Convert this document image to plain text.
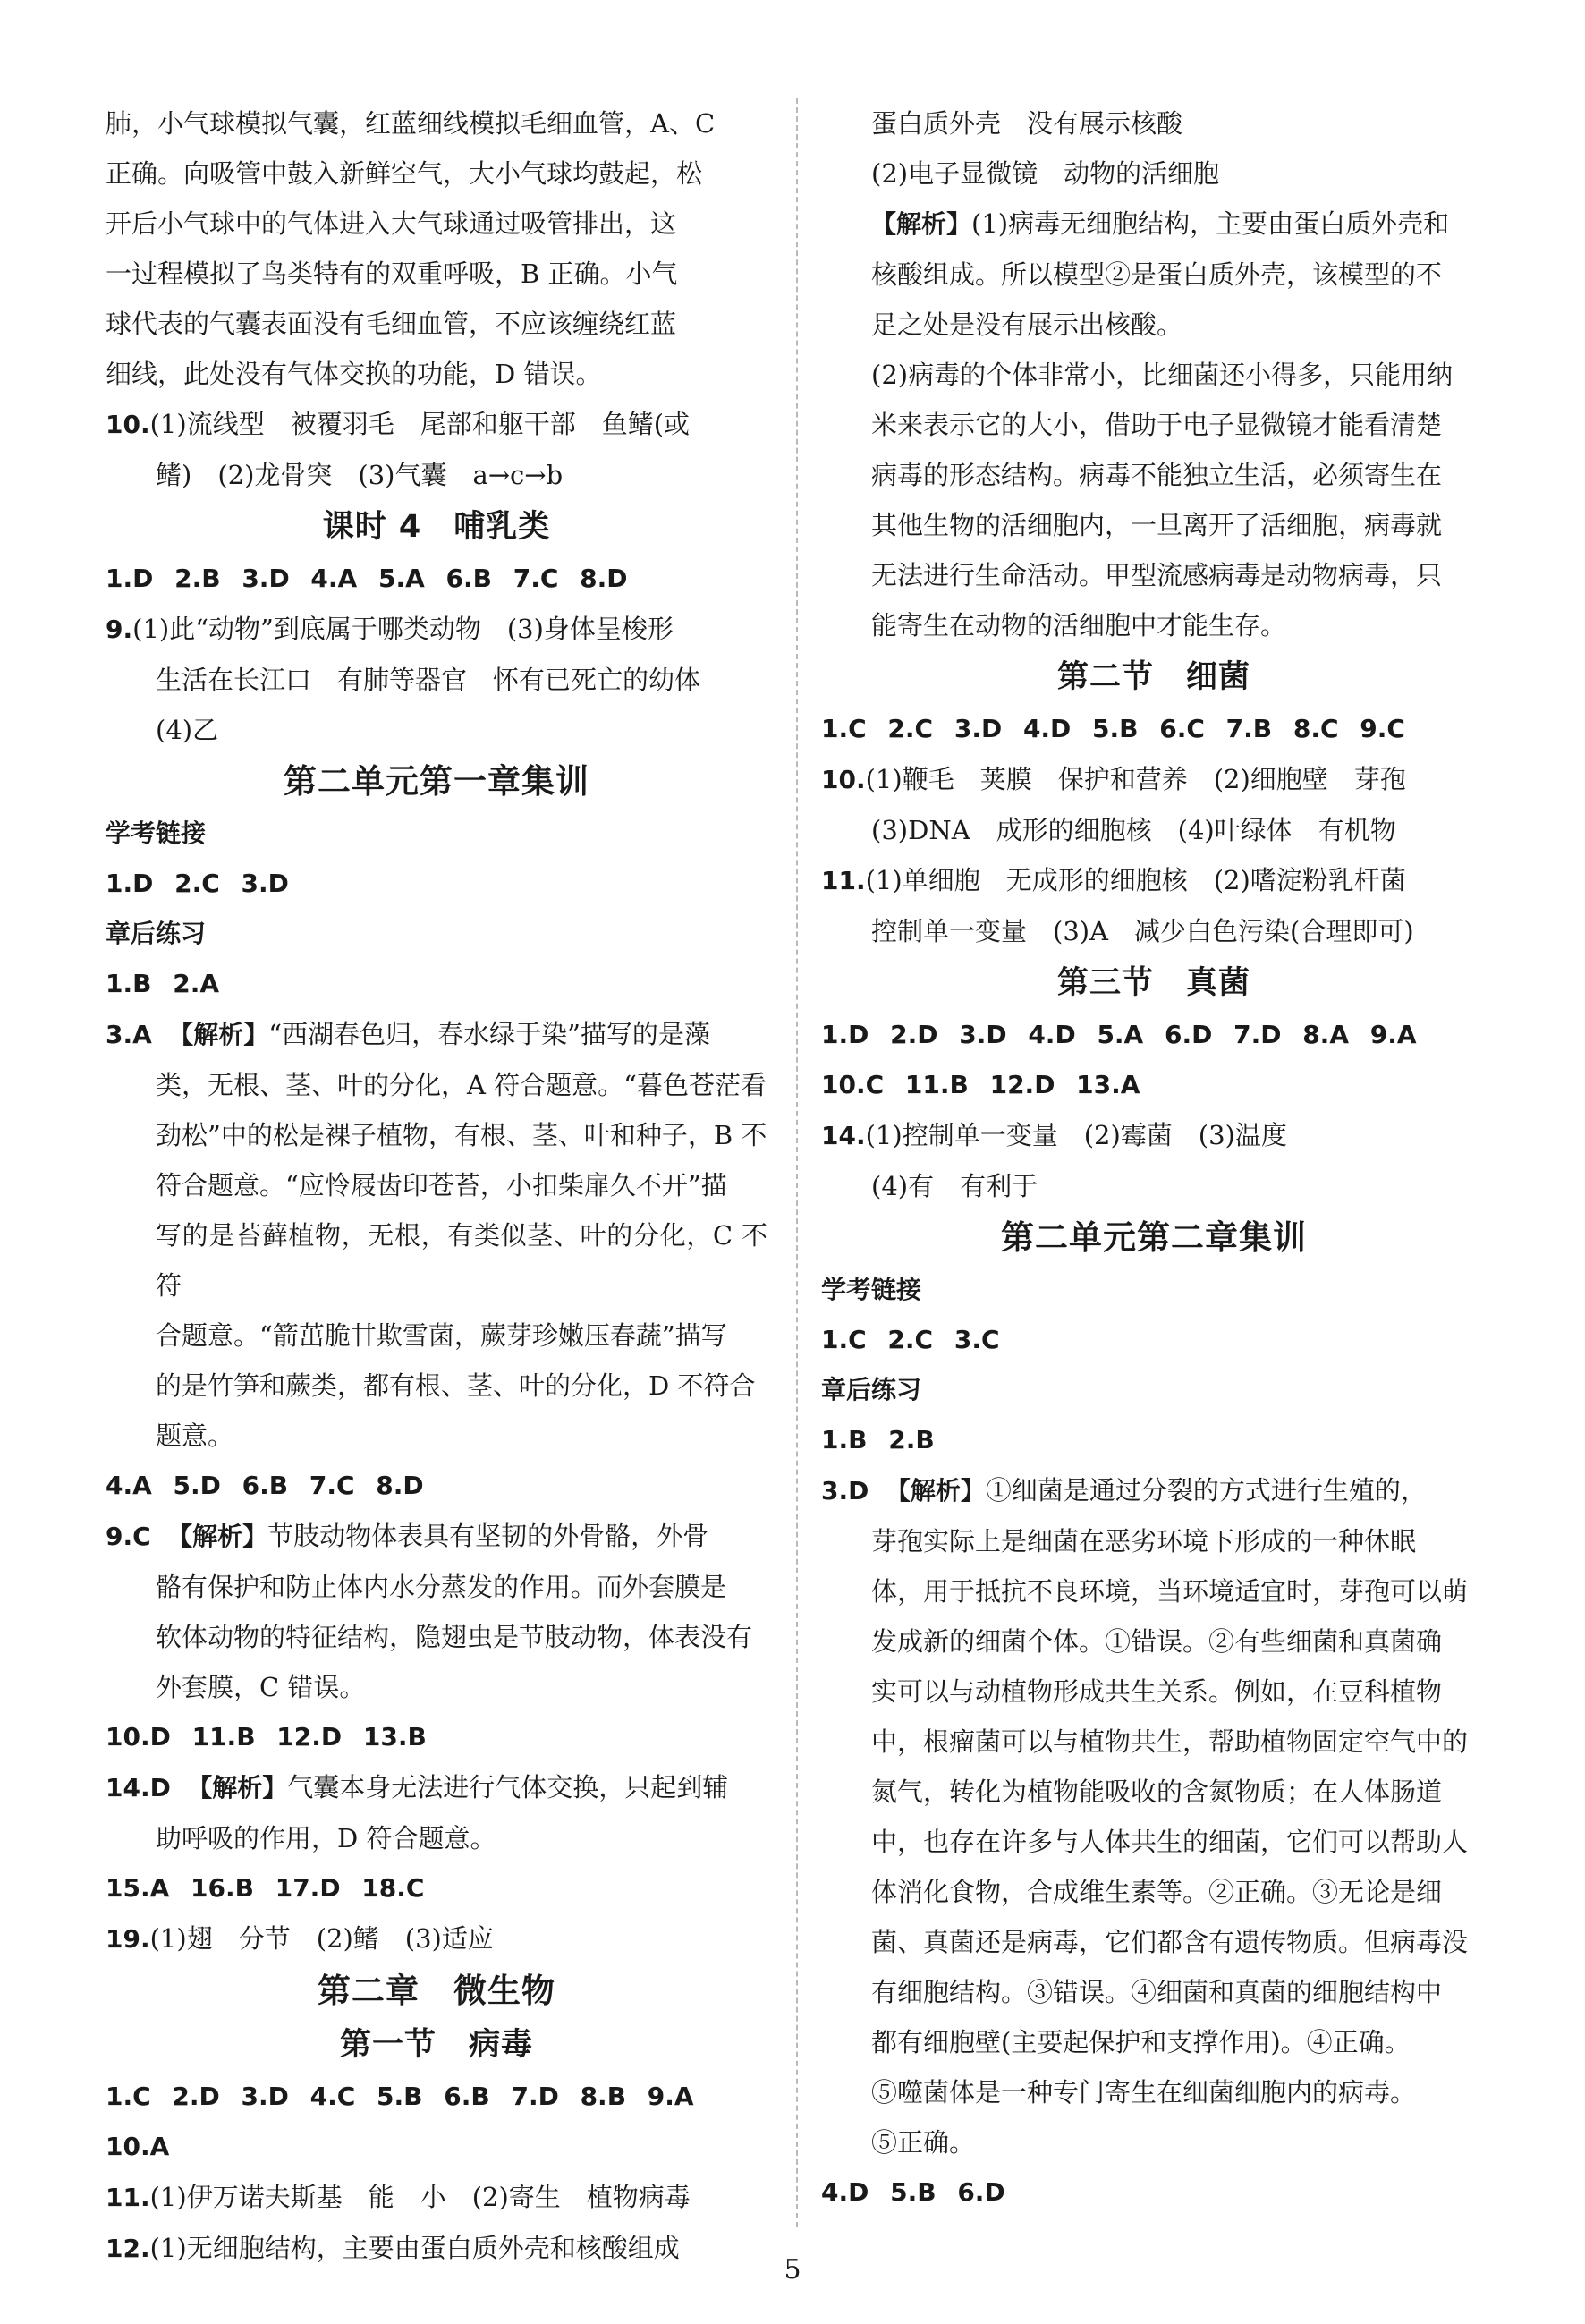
肺，小气球模拟气囊，红蓝细线模拟毛细血管，A、C

正确。向吸管中鼓入新鲜空气，大小气球均鼓起，松

开后小气球中的气体进入大气球通过吸管排出，这

一过程模拟了鸟类特有的双重呼吸，B 正确。小气

球代表的气囊表面没有毛细血管，不应该缠绕红蓝

细线，此处没有气体交换的功能，D 错误。

10.(1)流线型　被覆羽毛　尾部和躯干部　鱼鳍(或

鳍)　(2)龙骨突　(3)气囊　a→c→b

课时 4　哺乳类

1.D 2.B 3.D 4.A 5.A 6.B 7.C 8.D

9.(1)此“动物”到底属于哪类动物　(3)身体呈梭形

生活在长江口　有肺等器官　怀有已死亡的幼体

(4)乙

第二单元第一章集训

学考链接

1.D 2.C 3.D

章后练习

1.B 2.A

3.A 【解析】“西湖春色归，春水绿于染”描写的是藻

类，无根、茎、叶的分化，A 符合题意。“暮色苍茫看

劲松”中的松是裸子植物，有根、茎、叶和种子，B 不

符合题意。“应怜屐齿印苍苔，小扣柴扉久不开”描

写的是苔藓植物，无根，有类似茎、叶的分化，C 不符

合题意。“箭茁脆甘欺雪菌，蕨芽珍嫩压春蔬”描写

的是竹笋和蕨类，都有根、茎、叶的分化，D 不符合

题意。

4.A 5.D 6.B 7.C 8.D

9.C 【解析】节肢动物体表具有坚韧的外骨骼，外骨

骼有保护和防止体内水分蒸发的作用。而外套膜是

软体动物的特征结构，隐翅虫是节肢动物，体表没有

外套膜，C 错误。

10.D 11.B 12.D 13.B

14.D 【解析】气囊本身无法进行气体交换，只起到辅

助呼吸的作用，D 符合题意。

15.A 16.B 17.D 18.C

19.(1)翅　分节　(2)鳍　(3)适应

第二章　微生物

第一节　病毒

1.C 2.D 3.D 4.C 5.B 6.B 7.D 8.B 9.A

10.A

11.(1)伊万诺夫斯基　能　小　(2)寄生　植物病毒

12.(1)无细胞结构，主要由蛋白质外壳和核酸组成

蛋白质外壳　没有展示核酸

(2)电子显微镜　动物的活细胞

【解析】(1)病毒无细胞结构，主要由蛋白质外壳和

核酸组成。所以模型②是蛋白质外壳，该模型的不

足之处是没有展示出核酸。

(2)病毒的个体非常小，比细菌还小得多，只能用纳

米来表示它的大小，借助于电子显微镜才能看清楚

病毒的形态结构。病毒不能独立生活，必须寄生在

其他生物的活细胞内，一旦离开了活细胞，病毒就

无法进行生命活动。甲型流感病毒是动物病毒，只

能寄生在动物的活细胞中才能生存。

第二节　细菌

1.C 2.C 3.D 4.D 5.B 6.C 7.B 8.C 9.C

10.(1)鞭毛　荚膜　保护和营养　(2)细胞壁　芽孢

(3)DNA　成形的细胞核　(4)叶绿体　有机物

11.(1)单细胞　无成形的细胞核　(2)嗜淀粉乳杆菌

控制单一变量　(3)A　减少白色污染(合理即可)

第三节　真菌

1.D 2.D 3.D 4.D 5.A 6.D 7.D 8.A 9.A

10.C 11.B 12.D 13.A

14.(1)控制单一变量　(2)霉菌　(3)温度

(4)有　有利于

第二单元第二章集训

学考链接

1.C 2.C 3.C

章后练习

1.B 2.B

3.D 【解析】①细菌是通过分裂的方式进行生殖的，

芽孢实际上是细菌在恶劣环境下形成的一种休眠

体，用于抵抗不良环境，当环境适宜时，芽孢可以萌

发成新的细菌个体。①错误。②有些细菌和真菌确

实可以与动植物形成共生关系。例如，在豆科植物

中，根瘤菌可以与植物共生，帮助植物固定空气中的

氮气，转化为植物能吸收的含氮物质；在人体肠道

中，也存在许多与人体共生的细菌，它们可以帮助人

体消化食物，合成维生素等。②正确。③无论是细

菌、真菌还是病毒，它们都含有遗传物质。但病毒没

有细胞结构。③错误。④细菌和真菌的细胞结构中

都有细胞壁(主要起保护和支撑作用)。④正确。

⑤噬菌体是一种专门寄生在细菌细胞内的病毒。

⑤正确。

4.D 5.B 6.D

5
